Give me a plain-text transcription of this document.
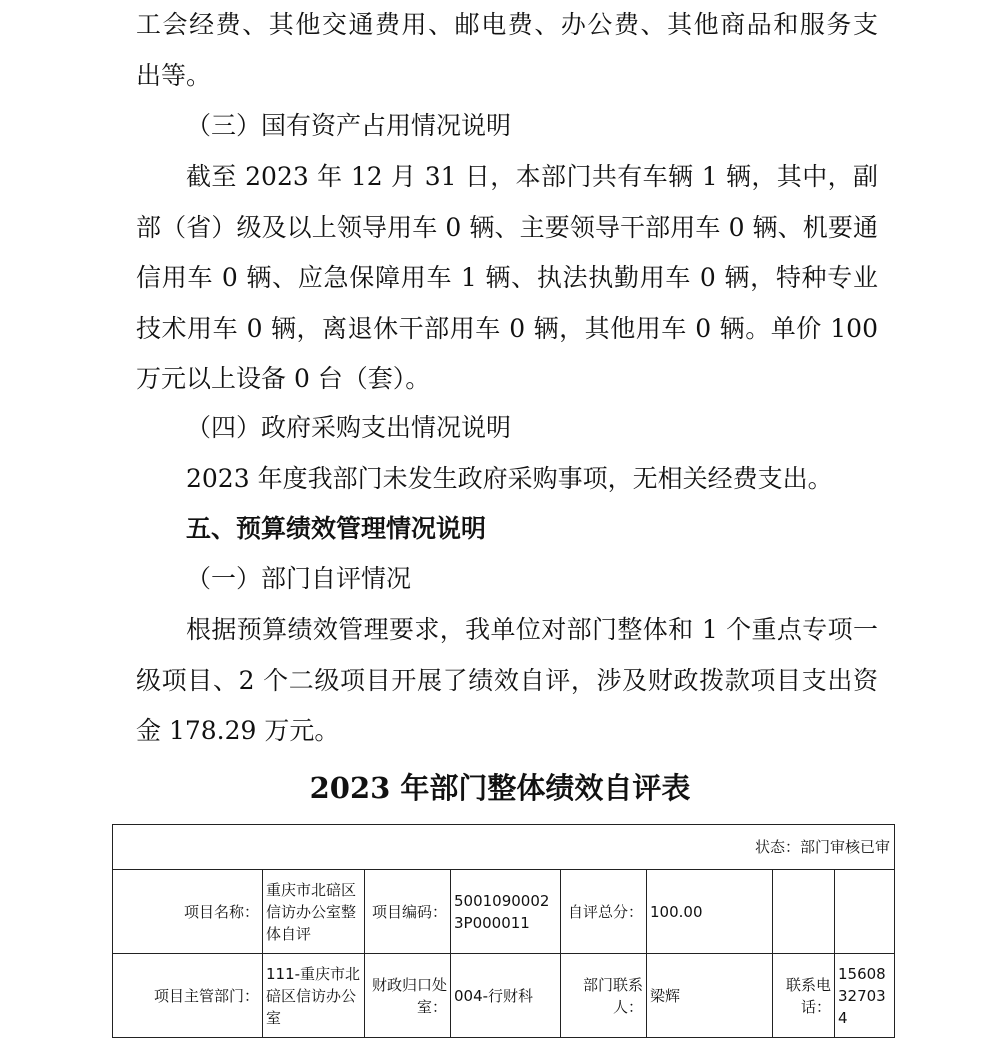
工会经费、其他交通费用、邮电费、办公费、其他商品和服务支

出等。

（三）国有资产占用情况说明

截至 2023 年 12 月 31 日，本部门共有车辆 1 辆，其中，副部（省）级及以上领导用车 0 辆、主要领导干部用车 0 辆、机要通信用车 0 辆、应急保障用车 1 辆、执法执勤用车 0 辆，特种专业技术用车 0 辆，离退休干部用车 0 辆，其他用车 0 辆。单价 100 万元以上设备 0 台（套）。

（四）政府采购支出情况说明

2023 年度我部门未发生政府采购事项，无相关经费支出。

五、预算绩效管理情况说明

（一）部门自评情况

根据预算绩效管理要求，我单位对部门整体和 1 个重点专项一级项目、2 个二级项目开展了绩效自评，涉及财政拨款项目支出资金 178.29 万元。

2023 年部门整体绩效自评表
状态：部门审核已审							
项目名称：	重庆市北碚区信访办公室整体自评	项目编码：	50010900023P000011	自评总分：	100.00		
项目主管部门：	111-重庆市北碚区信访办公室	财政归口处室：	004-行财科	部门联系人：	梁辉	联系电话：	15608327034
